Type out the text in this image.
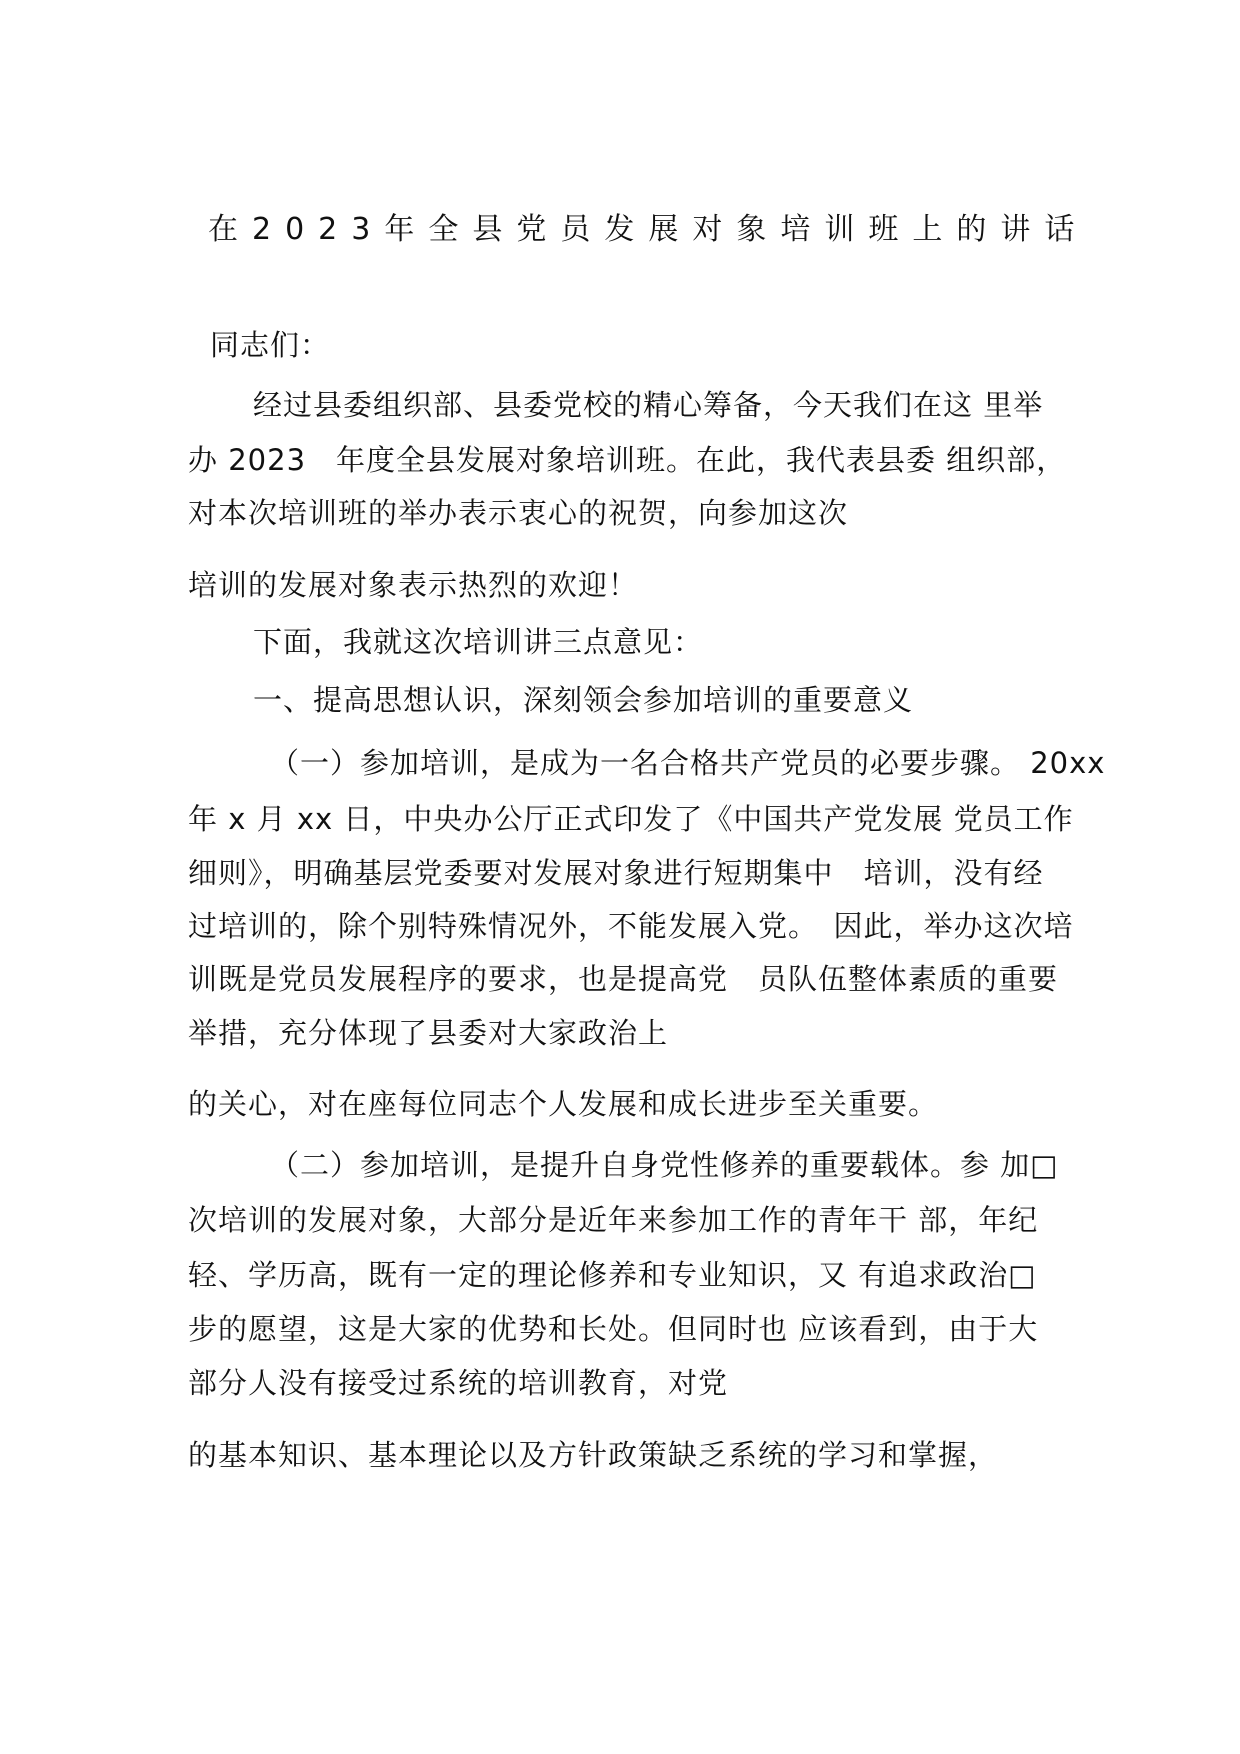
在2023年全县党员发展对象培训班上的讲话
同志们：
经过县委组织部、县委党校的精心筹备，今天我们在这 里举
办 2023　年度全县发展对象培训班。在此，我代表县委 组织部，
对本次培训班的举办表示衷心的祝贺，向参加这次
培训的发展对象表示热烈的欢迎！
下面，我就这次培训讲三点意见：
一、提高思想认识，深刻领会参加培训的重要意义
（一）参加培训，是成为一名合格共产党员的必要步骤。 20xx
年 x 月 xx 日，中央办公厅正式印发了《中国共产党发展 党员工作
细则》，明确基层党委要对发展对象进行短期集中　培训，没有经
过培训的，除个别特殊情况外，不能发展入党。　因此，举办这次培
训既是党员发展程序的要求，也是提高党　员队伍整体素质的重要
举措，充分体现了县委对大家政治上
的关心，对在座每位同志个人发展和成长进步至关重要。
（二）参加培训，是提升自身党性修养的重要载体。参 加□
次培训的发展对象，大部分是近年来参加工作的青年干 部，年纪
轻、学历高，既有一定的理论修养和专业知识，又 有追求政治□
步的愿望，这是大家的优势和长处。但同时也 应该看到，由于大
部分人没有接受过系统的培训教育，对党
的基本知识、基本理论以及方针政策缺乏系统的学习和掌握，
